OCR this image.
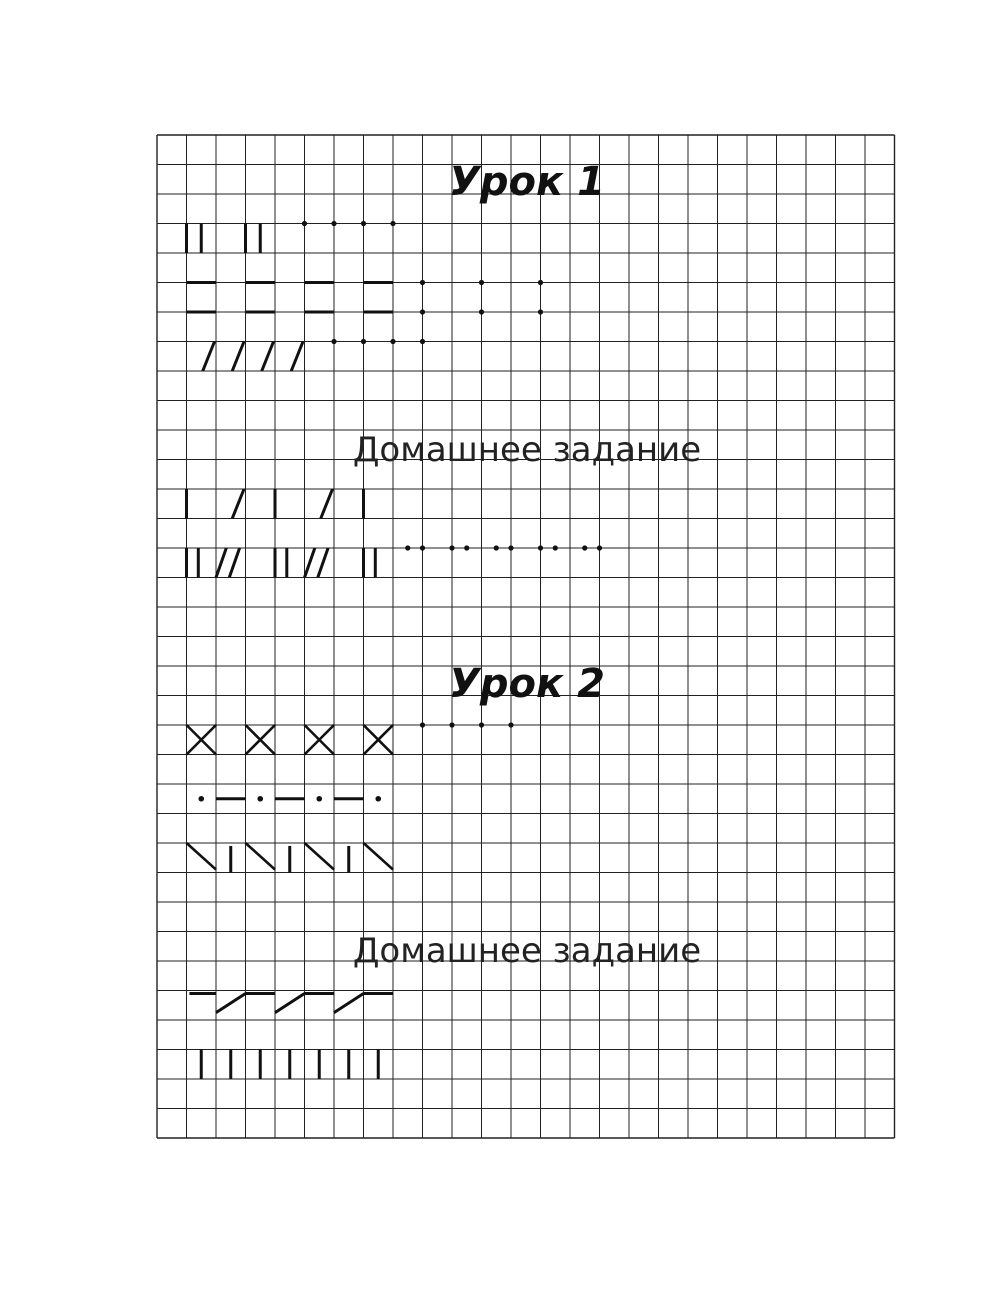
Урок 1
Домашнее задание
Урок 2
Домашнее задание
